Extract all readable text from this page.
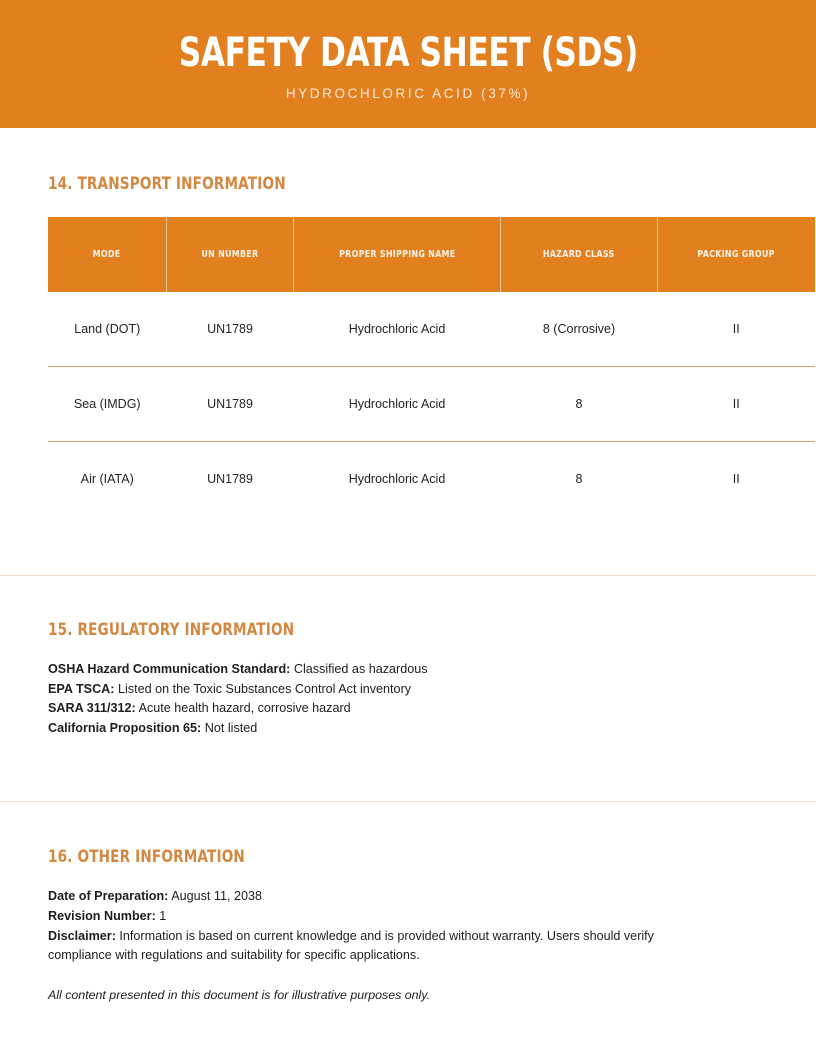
SAFETY DATA SHEET (SDS)
HYDROCHLORIC ACID (37%)
14. TRANSPORT INFORMATION
MODE	UN NUMBER	PROPER SHIPPING NAME	HAZARD CLASS	PACKING GROUP
Land (DOT)	UN1789	Hydrochloric Acid	8 (Corrosive)	II
Sea (IMDG)	UN1789	Hydrochloric Acid	8	II
Air (IATA)	UN1789	Hydrochloric Acid	8	II
15. REGULATORY INFORMATION
OSHA Hazard Communication Standard: Classified as hazardous
EPA TSCA: Listed on the Toxic Substances Control Act inventory
SARA 311/312: Acute health hazard, corrosive hazard
California Proposition 65: Not listed
16. OTHER INFORMATION
Date of Preparation: August 11, 2038
Revision Number: 1
Disclaimer: Information is based on current knowledge and is provided without warranty. Users should verify compliance with regulations and suitability for specific applications.
All content presented in this document is for illustrative purposes only.
